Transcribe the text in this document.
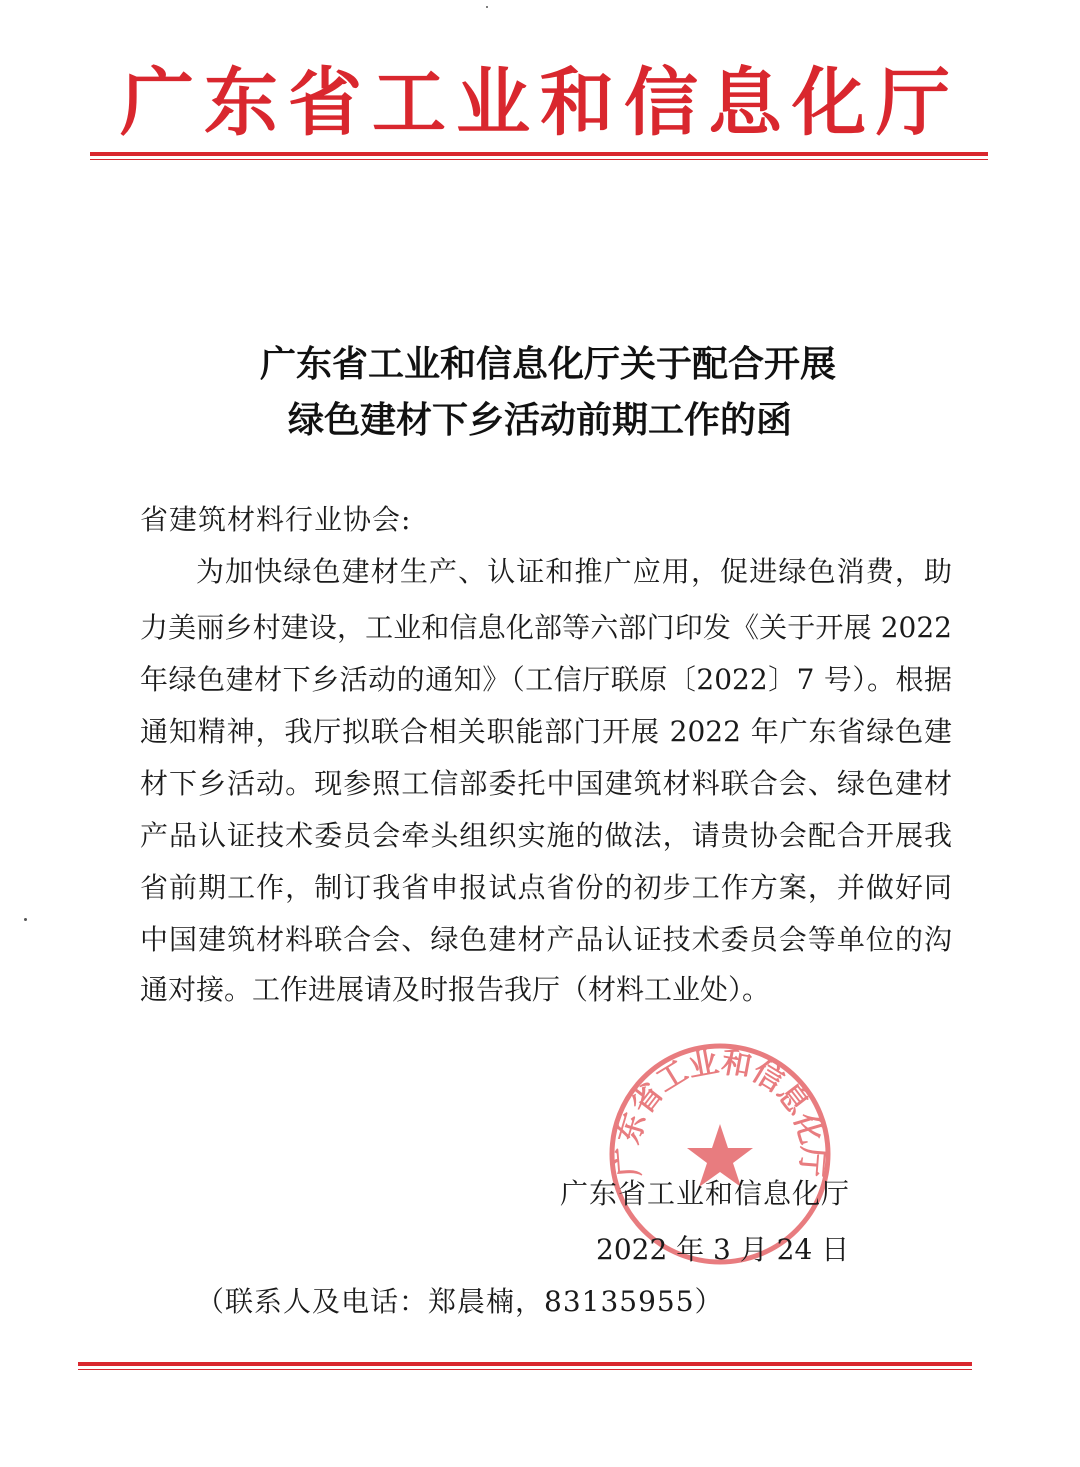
广东省工业和信息化厅
广东省工业和信息化厅关于配合开展
绿色建材下乡活动前期工作的函
省建筑材料行业协会:
为加快绿色建材生产、认证和推广应用，促进绿色消费，助
力美丽乡村建设，工业和信息化部等六部门印发《关于开展 2022
年绿色建材下乡活动的通知》（工信厅联原〔2022〕7 号）。根据
通知精神，我厅拟联合相关职能部门开展 2022 年广东省绿色建
材下乡活动。现参照工信部委托中国建筑材料联合会、绿色建材
产品认证技术委员会牵头组织实施的做法，请贵协会配合开展我
省前期工作，制订我省申报试点省份的初步工作方案，并做好同
中国建筑材料联合会、绿色建材产品认证技术委员会等单位的沟
通对接。工作进展请及时报告我厅（材料工业处）。
广东省工业和信息化厅
广东省工业和信息化厅
2022 年 3 月 24 日
（联系人及电话：郑晨楠，83135955）
